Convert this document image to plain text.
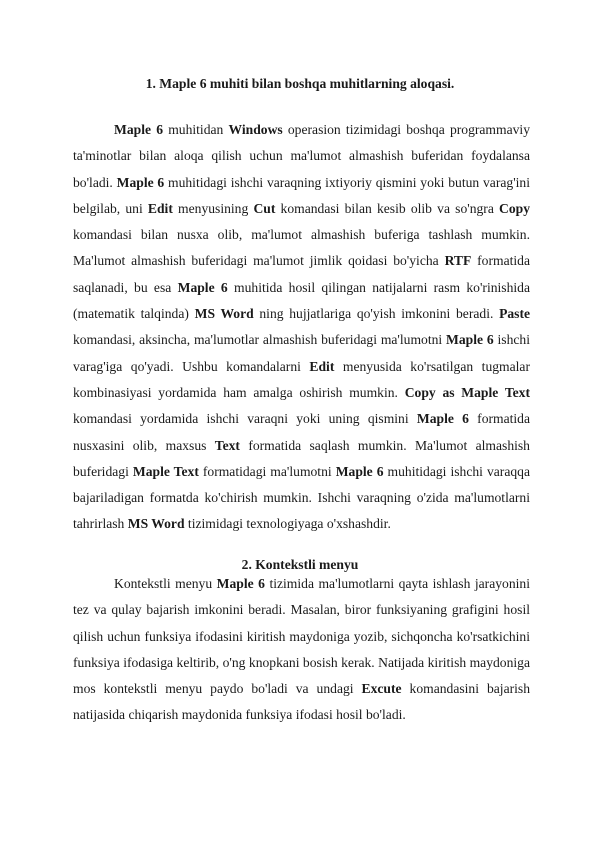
1. Maple 6 muhiti bilan boshqa muhitlarning aloqasi.

Maple 6 muhitidan Windows operasion tizimidagi boshqa programmaviy ta'minotlar bilan aloqa qilish uchun ma'lumot almashish buferidan foydalansa bo'ladi. Maple 6 muhitidagi ishchi varaqning ixtiyoriy qismini yoki butun varag'ini belgilab, uni Edit menyusining Cut komandasi bilan kesib olib va so'ngra Copy komandasi bilan nusxa olib, ma'lumot almashish buferiga tashlash mumkin. Ma'lumot almashish buferidagi ma'lumot jimlik qoidasi bo'yicha RTF formatida saqlanadi, bu esa Maple 6 muhitida hosil qilingan natijalarni rasm ko'rinishida (matematik talqinda) MS Word ning hujjatlariga qo'yish imkonini beradi. Paste komandasi, aksincha, ma'lumotlar almashish buferidagi ma'lumotni Maple 6 ishchi varag'iga qo'yadi. Ushbu komandalarni Edit menyusida ko'rsatilgan tugmalar kombinasiyasi yordamida ham amalga oshirish mumkin. Copy as Maple Text komandasi yordamida ishchi varaqni yoki uning qismini Maple 6 formatida nusxasini olib, maxsus Text formatida saqlash mumkin. Ma'lumot almashish buferidagi Maple Text formatidagi ma'lumotni Maple 6 muhitidagi ishchi varaqqa bajariladigan formatda ko'chirish mumkin. Ishchi varaqning o'zida ma'lumotlarni tahrirlash MS Word tizimidagi texnologiyaga o'xshashdir.

2. Kontekstli menyu

Kontekstli menyu Maple 6 tizimida ma'lumotlarni qayta ishlash jarayonini tez va qulay bajarish imkonini beradi. Masalan, biror funksiyaning grafigini hosil qilish uchun funksiya ifodasini kiritish maydoniga yozib, sichqoncha ko'rsatkichini funksiya ifodasiga keltirib, o'ng knopkani bosish kerak. Natijada kiritish maydoniga mos kontekstli menyu paydo bo'ladi va undagi Excute komandasini bajarish natijasida chiqarish maydonida funksiya ifodasi hosil bo'ladi.
